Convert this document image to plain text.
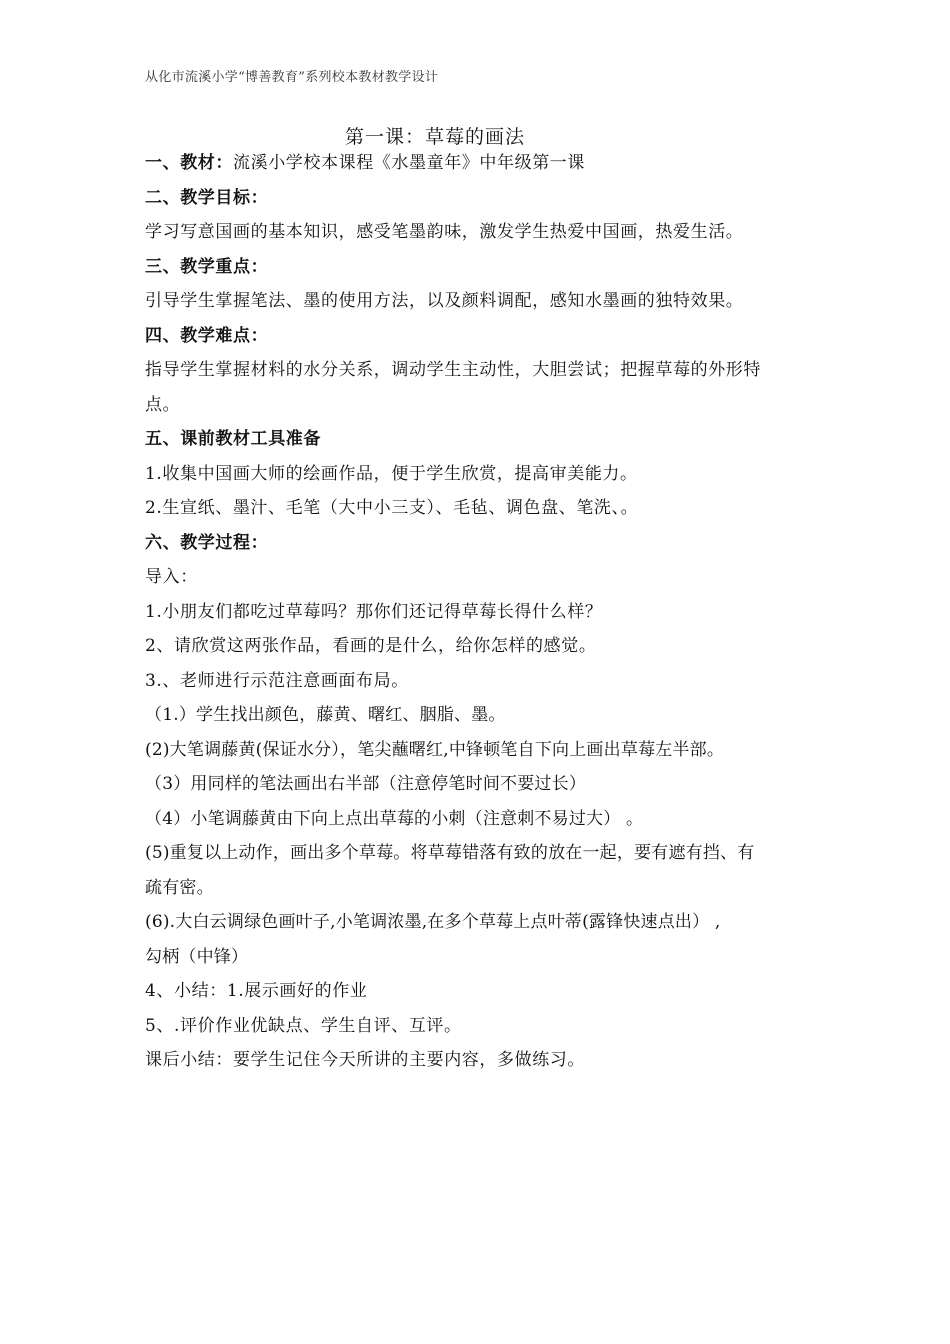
从化市流溪小学“博善教育”系列校本教材教学设计
第一课：草莓的画法
一、教材：流溪小学校本课程《水墨童年》中年级第一课
二、教学目标：
学习写意国画的基本知识，感受笔墨韵味，激发学生热爱中国画，热爱生活。
三、教学重点：
引导学生掌握笔法、墨的使用方法，以及颜料调配，感知水墨画的独特效果。
四、教学难点：
指导学生掌握材料的水分关系，调动学生主动性，大胆尝试；把握草莓的外形特
点。
五、课前教材工具准备
1.收集中国画大师的绘画作品，便于学生欣赏，提高审美能力。
2.生宣纸、墨汁、毛笔（大中小三支）、毛毡、调色盘、笔洗、。
六、教学过程：
导入：
1.小朋友们都吃过草莓吗？那你们还记得草莓长得什么样？
2、请欣赏这两张作品，看画的是什么，给你怎样的感觉。
3.、老师进行示范注意画面布局。
（1.）学生找出颜色，藤黄、曙红、胭脂、墨。
(2)大笔调藤黄(保证水分），笔尖蘸曙红,中锋顿笔自下向上画出草莓左半部。
（3）用同样的笔法画出右半部（注意停笔时间不要过长）
（4）小笔调藤黄由下向上点出草莓的小刺（注意刺不易过大） 。
(5)重复以上动作，画出多个草莓。将草莓错落有致的放在一起，要有遮有挡、有
疏有密。
(6).大白云调绿色画叶子,小笔调浓墨,在多个草莓上点叶蒂(露锋快速点出） ,
勾柄（中锋）
4、小结：1.展示画好的作业
5、.评价作业优缺点、学生自评、互评。
课后小结：要学生记住今天所讲的主要内容，多做练习。
